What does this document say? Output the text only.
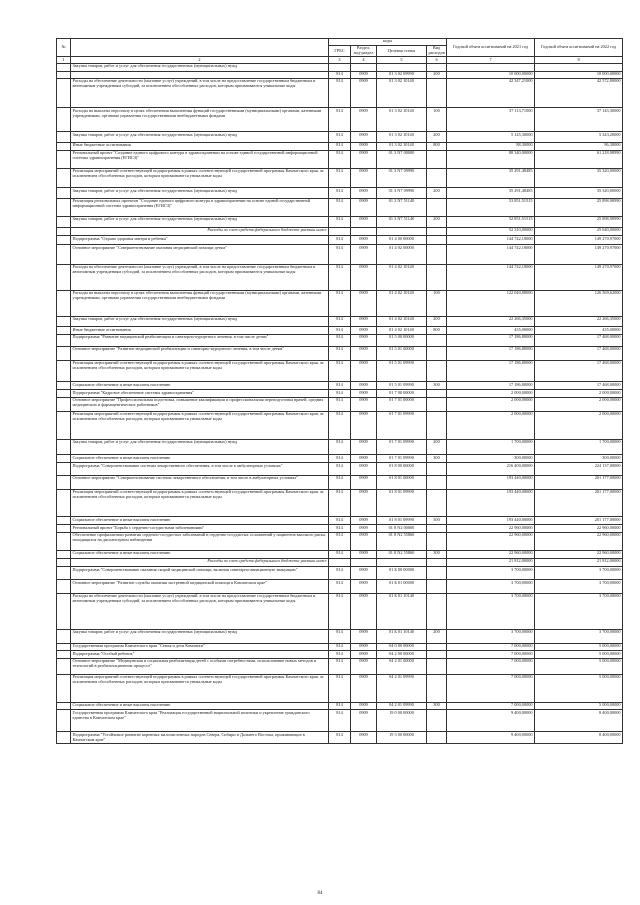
№		коды				Годовой объем ассигнований на 2021 год	Годовой объем ассигнований на 2022 год
		ГРБС	Раздел, под-раздел	Целевая статья	Вид расходов		
1	2	3	4	5	6	7	8
	Закупка товаров, работ и услуг для обеспечения государственных (муниципальных) нужд						
		814	0909	01 3 02 09990	200	10 000,00000	10 000,00000
	Расходы на обеспечение деятельности (оказание услуг) учреждений, в том числе на предоставление государственным бюджетным и автономным учреждениям субсидий, за исключением обособленных расходов, которым присваиваются уникальные коды	814	0909	01 3 02 10140		42 347,21000	42 572,80000
	Расходы на выплаты персоналу в целях обеспечения выполнения функций государственными (муниципальными) органами, казенными учреждениями, органами управления государственными внебюджетными фондами	814	0909	01 3 02 10140	100	37 113,71000	37 143,30000
	Закупка товаров, работ и услуг для обеспечения государственных (муниципальных) нужд	814	0909	01 3 02 10140	200	5 145,30000	5 343,20000
	Иные бюджетные ассигнования	814	0909	01 3 02 10140	800	88,30000	86,30000
	Региональный проект "Создание единого цифрового контура в здравоохранении на основе единой государственной информационной системы здравоохранения (ЕГИСЗ)"	814	0909	01 3 N7 00000		88 340,00000	61 218,98990
	Реализация мероприятий соответствующей подпрограммы в рамках соответствующей государственной программы Камчатского края, за исключением обособленных расходов, которым присваиваются уникальные коды	814	0909	01 3 N7 09990		35 291,48485	35 320,00000
	Закупка товаров, работ и услуг для обеспечения государственных (муниципальных) нужд	814	0909	01 3 N7 09990	200	35 291,48485	35 320,00000
	Реализация региональных проектов "Создание единого цифрового контура в здравоохранении на основе единой государственной информационной системы здравоохранения (ЕГИСЗ)"	814	0909	01 3 N7 51140		53 851,51515	25 898,98990
	Закупка товаров, работ и услуг для обеспечения государственных (муниципальных) нужд	814	0909	01 3 N7 51140	200	52 851,51515	25 898,98990
	Расходы за счет средств федерального бюджета указаны ниже					52 310,00000	25 640,00000
	Подпрограмма "Охрана здоровья матери и ребенка"	814	0909	01 4 00 00000		144 742,18000	149 270,97000
	Основное мероприятие "Совершенствование оказания медицинской помощи детям"	814	0909	01 4 02 00000		144 742,18000	149 270,97000
	Расходы на обеспечение деятельности (оказание услуг) учреждений, в том числе на предоставление государственным бюджетным и автономным учреждениям субсидий, за исключением обособленных расходов, которым присваиваются уникальные коды	814	0909	01 4 02 10140		144 742,18000	149 270,97000
	Расходы на выплаты персоналу в целях обеспечения выполнения функций государственными (муниципальными) органами, казенными учреждениями, органами управления государственными внебюджетными фондами	814	0909	01 4 02 10140	100	122 040,88000	126 569,62000
	Закупка товаров, работ и услуг для обеспечения государственных (муниципальных) нужд	814	0909	01 4 02 10140	200	22 266,35000	22 266,35000
	Иные бюджетные ассигнования	814	0909	01 4 02 10140	800	435,00000	435,00000
	Подпрограмма "Развитие медицинской реабилитации и санаторно-курортного лечения, в том числе детям"	814	0909	01 5 00 00000		17 186,80000	17 468,00000
	Основное мероприятие "Развитие медицинской реабилитации и санаторно-курортного лечения, в том числе детям"	814	0909	01 5 01 00000		17 186,80000	17 468,00000
	Реализация мероприятий соответствующей подпрограммы в рамках соответствующей государственной программы Камчатского края, за исключением обособленных расходов, которым присваиваются уникальные коды	814	0909	01 5 01 09990		17 186,80000	17 468,00000
	Социальное обеспечение и иные выплаты населению	814	0909	01 5 01 09990	300	17 186,80000	17 468,00000
	Подпрограмма "Кадровое обеспечение системы здравоохранения"	814	0909	01 7 00 00000		2 000,00000	2 000,00000
	Основное мероприятие "Профессиональная подготовка, повышение квалификации и профессиональная переподготовка врачей, средних медицинских и фармацевтических работников"	814	0909	01 7 01 00000		2 000,00000	2 000,00000
	Реализация мероприятий соответствующей подпрограммы в рамках соответствующей государственной программы Камчатского края, за исключением обособленных расходов, которым присваиваются уникальные коды	814	0909	01 7 01 09990		2 000,00000	2 000,00000
	Закупка товаров, работ и услуг для обеспечения государственных (муниципальных) нужд	814	0909	01 7 01 09990	200	1 700,00000	1 700,00000
	Социальное обеспечение и иные выплаты населению	814	0909	01 7 01 09990	300	300,00000	300,00000
	Подпрограмма "Совершенствование системы лекарственного обеспечения, в том числе в амбулаторных условиях"	814	0909	01 8 00 00000		216 400,00000	224 137,00000
	Основное мероприятие "Совершенствование системы лекарственного обеспечения, в том числе в амбулаторных условиях"	814	0909	01 8 01 00000		193 440,00000	201 177,00000
	Реализация мероприятий соответствующей подпрограммы в рамках соответствующей государственной программы Камчатского края, за исключением обособленных расходов, которым присваиваются уникальные коды	814	0909	01 8 01 09990		193 440,00000	201 177,00000
	Социальное обеспечение и иные выплаты населению	814	0909	01 8 01 09990	300	193 440,00000	201 177,00000
	Региональный проект "Борьба с сердечно-сосудистыми заболеваниями"	814	0909	01 8 N2 00000		22 960,00000	22 960,00000
	Обеспечение профилактики развития сердечно-сосудистых заболеваний и сердечно-сосудистых осложнений у пациентов высокого риска, находящихся на диспансерном наблюдении	814	0909	01 8 N2 55860		22 960,00000	22 960,00000
	Социальное обеспечение и иные выплаты населению	814	0909	01 8 N2 55860	300	22 960,00000	22 960,00000
	Расходы за счет средств федерального бюджета указаны ниже					21 812,00000	21 812,00000
	Подпрограмма "Совершенствование оказания скорой медицинской помощи, включая санитарно-авиационную эвакуацию"	814	0909	01 Б 00 00000		3 700,00000	3 700,00000
	Основное мероприятие "Развитие службы оказания экстренной медицинской помощи в Камчатском крае"	814	0909	01 Б 01 00000		3 700,00000	3 700,00000
	Расходы на обеспечение деятельности (оказание услуг) учреждений, в том числе на предоставление государственным бюджетным и автономным учреждениям субсидий, за исключением обособленных расходов, которым присваиваются уникальные коды	814	0909	01 Б 01 10140		3 700,00000	3 700,00000
	Закупка товаров, работ и услуг для обеспечения государственных (муниципальных) нужд	814	0909	01 Б 01 10140	200	3 700,00000	3 700,00000
	Государственная программа Камчатского края "Семья и дети Камчатки"	814	0909	04 0 00 00000		7 000,00000	5 000,00000
	Подпрограмма "Особый ребенок"	814	0909	04 2 00 00000		7 000,00000	5 000,00000
	Основное мероприятие "Медицинская и социальная реабилитация детей с особыми потребностями, использование новых методов и технологий в реабилитационном процессе"	814	0909	04 2 01 00000		7 000,00000	5 000,00000
	Реализация мероприятий соответствующей подпрограммы в рамках соответствующей государственной программы Камчатского края, за исключением обособленных расходов, которым присваиваются уникальные коды	814	0909	04 2 01 09990		7 000,00000	5 000,00000
	Социальное обеспечение и иные выплаты населению	814	0909	04 2 01 09990	300	7 000,00000	5 000,00000
	Государственная программа Камчатского края "Реализация государственной национальной политики и укрепление гражданского единства в Камчатском крае"	814	0909	19 0 00 00000		9 400,00000	8 400,00000
	Подпрограмма "Устойчивое развитие коренных малочисленных народов Севера, Сибири и Дальнего Востока, проживающих в Камчатском крае"	814	0909	19 3 00 00000		9 400,00000	8 400,00000
84
